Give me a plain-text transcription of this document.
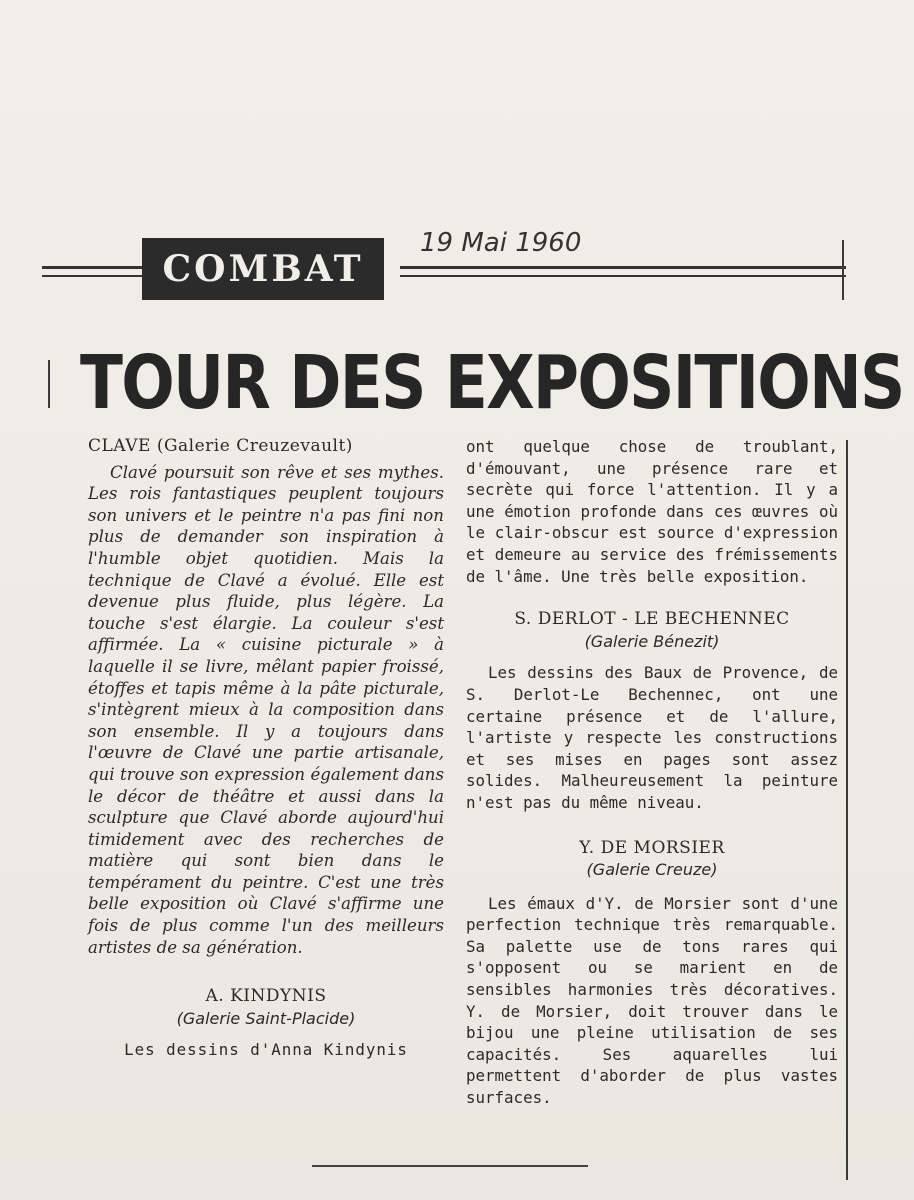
COMBAT
19 Mai 1960
TOUR DES EXPOSITIONS

CLAVE (Galerie Creuzevault)

Clavé poursuit son rêve et ses mythes. Les rois fantastiques peuplent toujours son univers et le peintre n'a pas fini non plus de demander son inspiration à l'humble objet quotidien. Mais la technique de Clavé a évolué. Elle est devenue plus fluide, plus légère. La touche s'est élargie. La couleur s'est affirmée. La « cuisine picturale » à laquelle il se livre, mêlant papier froissé, étoffes et tapis même à la pâte picturale, s'intègrent mieux à la composition dans son ensemble. Il y a toujours dans l'œuvre de Clavé une partie artisanale, qui trouve son expression également dans le décor de théâtre et aussi dans la sculpture que Clavé aborde aujourd'hui timidement avec des recherches de matière qui sont bien dans le tempérament du peintre. C'est une très belle exposition où Clavé s'affirme une fois de plus comme l'un des meilleurs artistes de sa génération.

A. KINDYNIS

(Galerie Saint-Placide)

Les dessins d'Anna Kindynis

ont quelque chose de troublant, d'émouvant, une présence rare et secrète qui force l'attention. Il y a une émotion profonde dans ces œuvres où le clair-obscur est source d'expression et demeure au service des frémissements de l'âme. Une très belle exposition.

S. DERLOT - LE BECHENNEC

(Galerie Bénezit)

Les dessins des Baux de Provence, de S. Derlot-Le Bechennec, ont une certaine présence et de l'allure, l'artiste y respecte les constructions et ses mises en pages sont assez solides. Malheureusement la peinture n'est pas du même niveau.

Y. DE MORSIER

(Galerie Creuze)

Les émaux d'Y. de Morsier sont d'une perfection technique très remarquable. Sa palette use de tons rares qui s'opposent ou se marient en de sensibles harmonies très décoratives. Y. de Morsier, doit trouver dans le bijou une pleine utilisation de ses capacités. Ses aquarelles lui permettent d'aborder de plus vastes surfaces.
